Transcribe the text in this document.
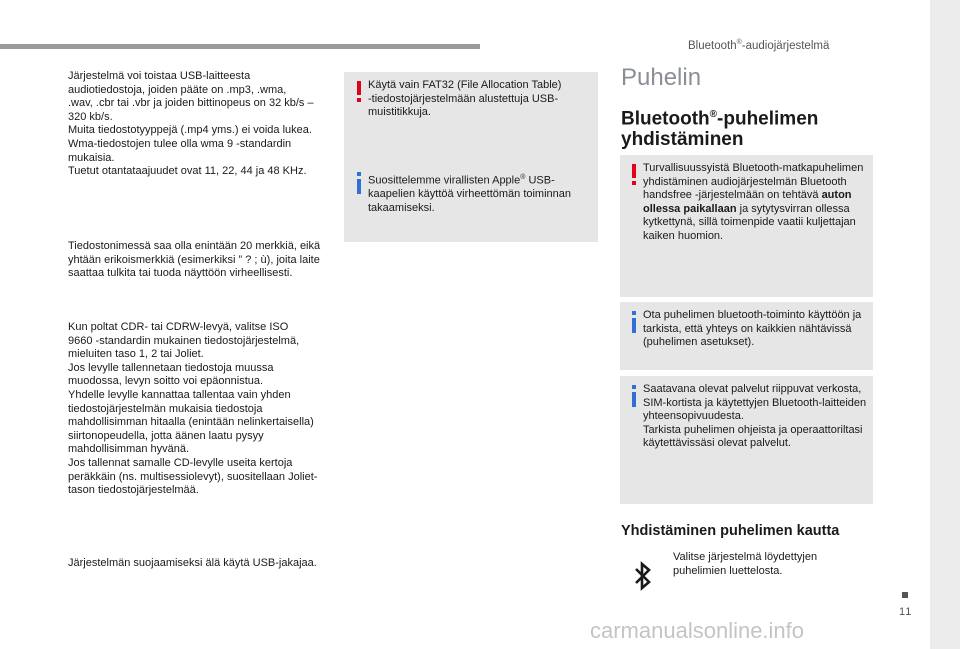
Bluetooth®-audiojärjestelmä
11

Järjestelmä voi toistaa USB-laitteesta

audiotiedostoja, joiden pääte on .mp3, .wma,

.wav, .cbr tai .vbr ja joiden bittinopeus on 32 kb/s –

320 kb/s.

Muita tiedostotyyppejä (.mp4 yms.) ei voida lukea.

Wma-tiedostojen tulee olla wma 9 -standardin

mukaisia.

Tuetut otantataajuudet ovat 11, 22, 44 ja 48 KHz.

Tiedostonimessä saa olla enintään 20 merkkiä, eikä

yhtään erikoismerkkiä (esimerkiksi ” ? ; ù), joita laite

saattaa tulkita tai tuoda näyttöön virheellisesti.

Kun poltat CDR- tai CDRW-levyä, valitse ISO

9660 -standardin mukainen tiedostojärjestelmä,

mieluiten taso 1, 2 tai Joliet.

Jos levylle tallennetaan tiedostoja muussa

muodossa, levyn soitto voi epäonnistua.

Yhdelle levylle kannattaa tallentaa vain yhden

tiedostojärjestelmän mukaisia tiedostoja

mahdollisimman hitaalla (enintään nelinkertaisella)

siirtonopeudella, jotta äänen laatu pysyy

mahdollisimman hyvänä.

Jos tallennat samalle CD-levylle useita kertoja

peräkkäin (ns. multisessiolevyt), suositellaan Joliet-

tason tiedostojärjestelmää.

Järjestelmän suojaamiseksi älä käytä USB-jakajaa.

Käytä vain FAT32 (File Allocation Table)
-tiedostojärjestelmään alustettuja USB-
muistitikkuja.
Suosittelemme virallisten Apple® USB-
kaapelien käyttöä virheettömän toiminnan
takaamiseksi.
Puhelin
Bluetooth®-puhelimen
yhdistäminen
Turvallisuussyistä Bluetooth-matkapuhelimen
yhdistäminen audiojärjestelmän Bluetooth
handsfree -järjestelmään on tehtävä auton
ollessa paikallaan ja sytytysvirran ollessa
kytkettynä, sillä toimenpide vaatii kuljettajan
kaiken huomion.
Ota puhelimen bluetooth-toiminto käyttöön ja
tarkista, että yhteys on kaikkien nähtävissä
(puhelimen asetukset).
Saatavana olevat palvelut riippuvat verkosta,
SIM-kortista ja käytettyjen Bluetooth-laitteiden
yhteensopivuudesta.
Tarkista puhelimen ohjeista ja operaattoriltasi
käytettävissäsi olevat palvelut.
Yhdistäminen puhelimen kautta
Valitse järjestelmä löydettyjen
puhelimien luettelosta.
carmanualsonline.info
